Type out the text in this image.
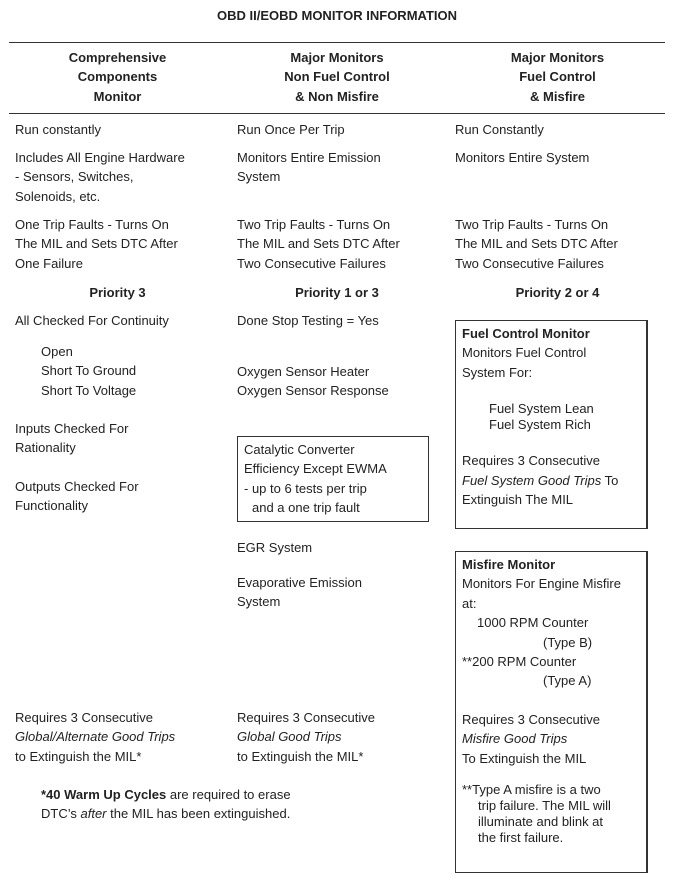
OBD II/EOBD MONITOR INFORMATION
Comprehensive
Components
Monitor
Major Monitors
Non Fuel Control
& Non Misfire
Major Monitors
Fuel Control
& Misfire
Run constantly
Includes All Engine Hardware
- Sensors, Switches,
Solenoids, etc.
One Trip Faults - Turns On
The MIL and Sets DTC After
One Failure
Priority 3
All Checked For Continuity
Open
Short To Ground
Short To Voltage
Inputs Checked For
Rationality
Outputs Checked For
Functionality
Requires 3 Consecutive
Global/Alternate Good Trips
to Extinguish the MIL*
*40 Warm Up Cycles are required to erase
DTC’s after the MIL has been extinguished.
Run Once Per Trip
Monitors Entire Emission
System
Two Trip Faults - Turns On
The MIL and Sets DTC After
Two Consecutive Failures
Priority 1 or 3
Done Stop Testing = Yes
Oxygen Sensor Heater
Oxygen Sensor Response
Catalytic Converter
Efficiency Except EWMA
- up to 6 tests per trip
and a one trip fault
EGR System
Evaporative Emission
System
Requires 3 Consecutive
Global Good Trips
to Extinguish the MIL*
Run Constantly
Monitors Entire System
Two Trip Faults - Turns On
The MIL and Sets DTC After
Two Consecutive Failures
Priority 2 or 4
Fuel Control Monitor
Monitors Fuel Control
System For:
Fuel System Lean
Fuel System Rich
Requires 3 Consecutive
Fuel System Good Trips To
Extinguish The MIL
Misfire Monitor
Monitors For Engine Misfire
at:
1000 RPM Counter
(Type B)
**200 RPM Counter
(Type A)
Requires 3 Consecutive
Misfire Good Trips
To Extinguish the MIL
**Type A misfire is a two
trip failure. The MIL will
illuminate and blink at
the first failure.
